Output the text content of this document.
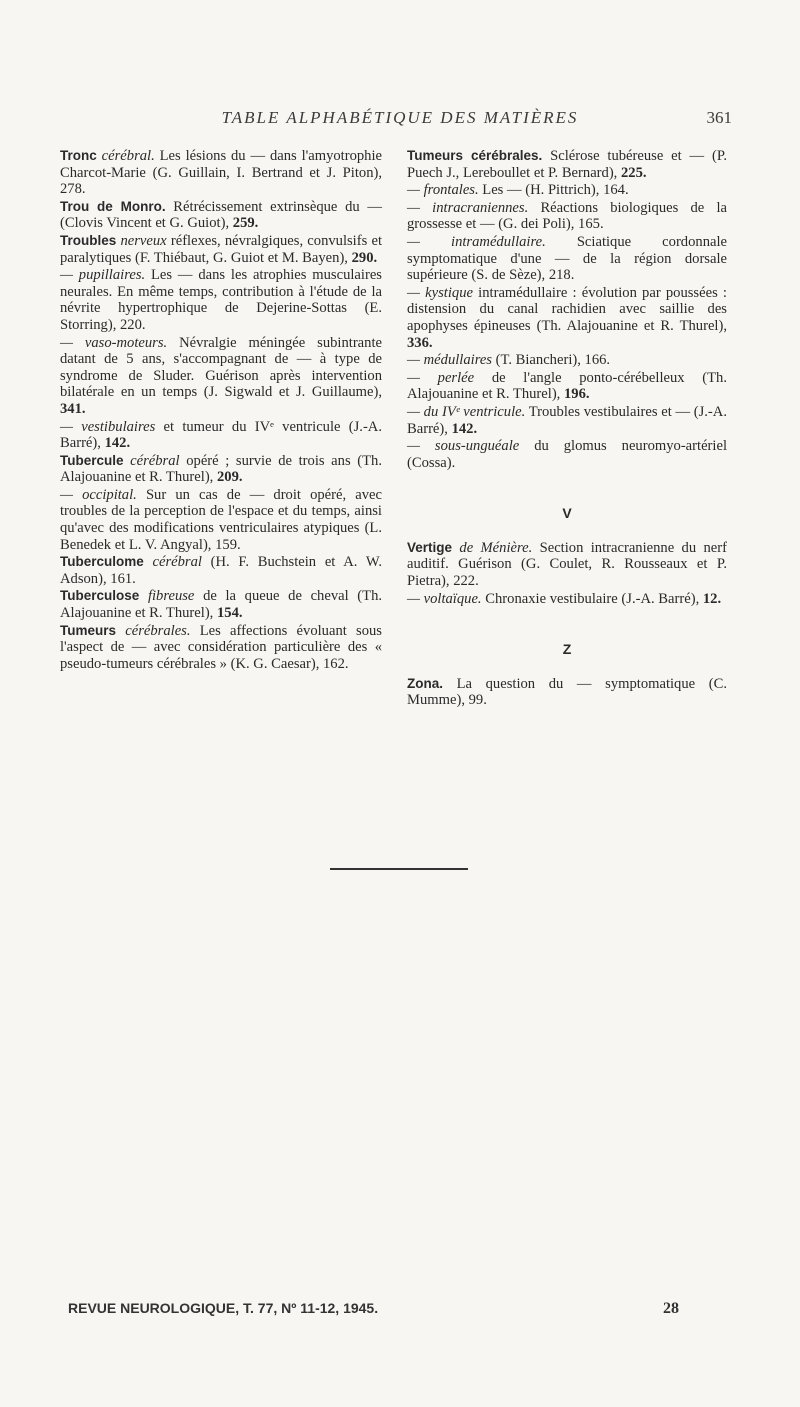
TABLE ALPHABÉTIQUE DES MATIÈRES	361

Tronc cérébral. Les lésions du — dans l'amyotrophie Charcot-Marie (G. Guillain, I. Bertrand et J. Piton), 278.

Trou de Monro. Rétrécissement extrinsèque du — (Clovis Vincent et G. Guiot), 259.

Troubles nerveux réflexes, névralgiques, convulsifs et paralytiques (F. Thiébaut, G. Guiot et M. Bayen), 290.

— pupillaires. Les — dans les atrophies musculaires neurales. En même temps, contribution à l'étude de la névrite hypertrophique de Dejerine-Sottas (E. Storring), 220.

— vaso-moteurs. Névralgie méningée subintrante datant de 5 ans, s'accompagnant de — à type de syndrome de Sluder. Guérison après intervention bilatérale en un temps (J. Sigwald et J. Guillaume), 341.

— vestibulaires et tumeur du IVᵉ ventricule (J.-A. Barré), 142.

Tubercule cérébral opéré ; survie de trois ans (Th. Alajouanine et R. Thurel), 209.

— occipital. Sur un cas de — droit opéré, avec troubles de la perception de l'espace et du temps, ainsi qu'avec des modifications ventriculaires atypiques (L. Benedek et L. V. Angyal), 159.

Tuberculome cérébral (H. F. Buchstein et A. W. Adson), 161.

Tuberculose fibreuse de la queue de cheval (Th. Alajouanine et R. Thurel), 154.

Tumeurs cérébrales. Les affections évoluant sous l'aspect de — avec considération particulière des « pseudo-tumeurs cérébrales » (K. G. Caesar), 162.

Tumeurs cérébrales. Sclérose tubéreuse et — (P. Puech J., Lereboullet et P. Bernard), 225.

— frontales. Les — (H. Pittrich), 164.

— intracraniennes. Réactions biologiques de la grossesse et — (G. dei Poli), 165.

— intramédullaire. Sciatique cordonnale symptomatique d'une — de la région dorsale supérieure (S. de Sèze), 218.

— kystique intramédullaire : évolution par poussées : distension du canal rachidien avec saillie des apophyses épineuses (Th. Alajouanine et R. Thurel), 336.

— médullaires (T. Biancheri), 166.

— perlée de l'angle ponto-cérébelleux (Th. Alajouanine et R. Thurel), 196.

— du IVᵉ ventricule. Troubles vestibulaires et — (J.-A. Barré), 142.

— sous-unguéale du glomus neuromyo-artériel (Cossa).

V

Vertige de Ménière. Section intracranienne du nerf auditif. Guérison (G. Coulet, R. Rousseaux et P. Pietra), 222.

— voltaïque. Chronaxie vestibulaire (J.-A. Barré), 12.

Z

Zona. La question du — symptomatique (C. Mumme), 99.

REVUE NEUROLOGIQUE, T. 77, Nº 11-12, 1945.	28
